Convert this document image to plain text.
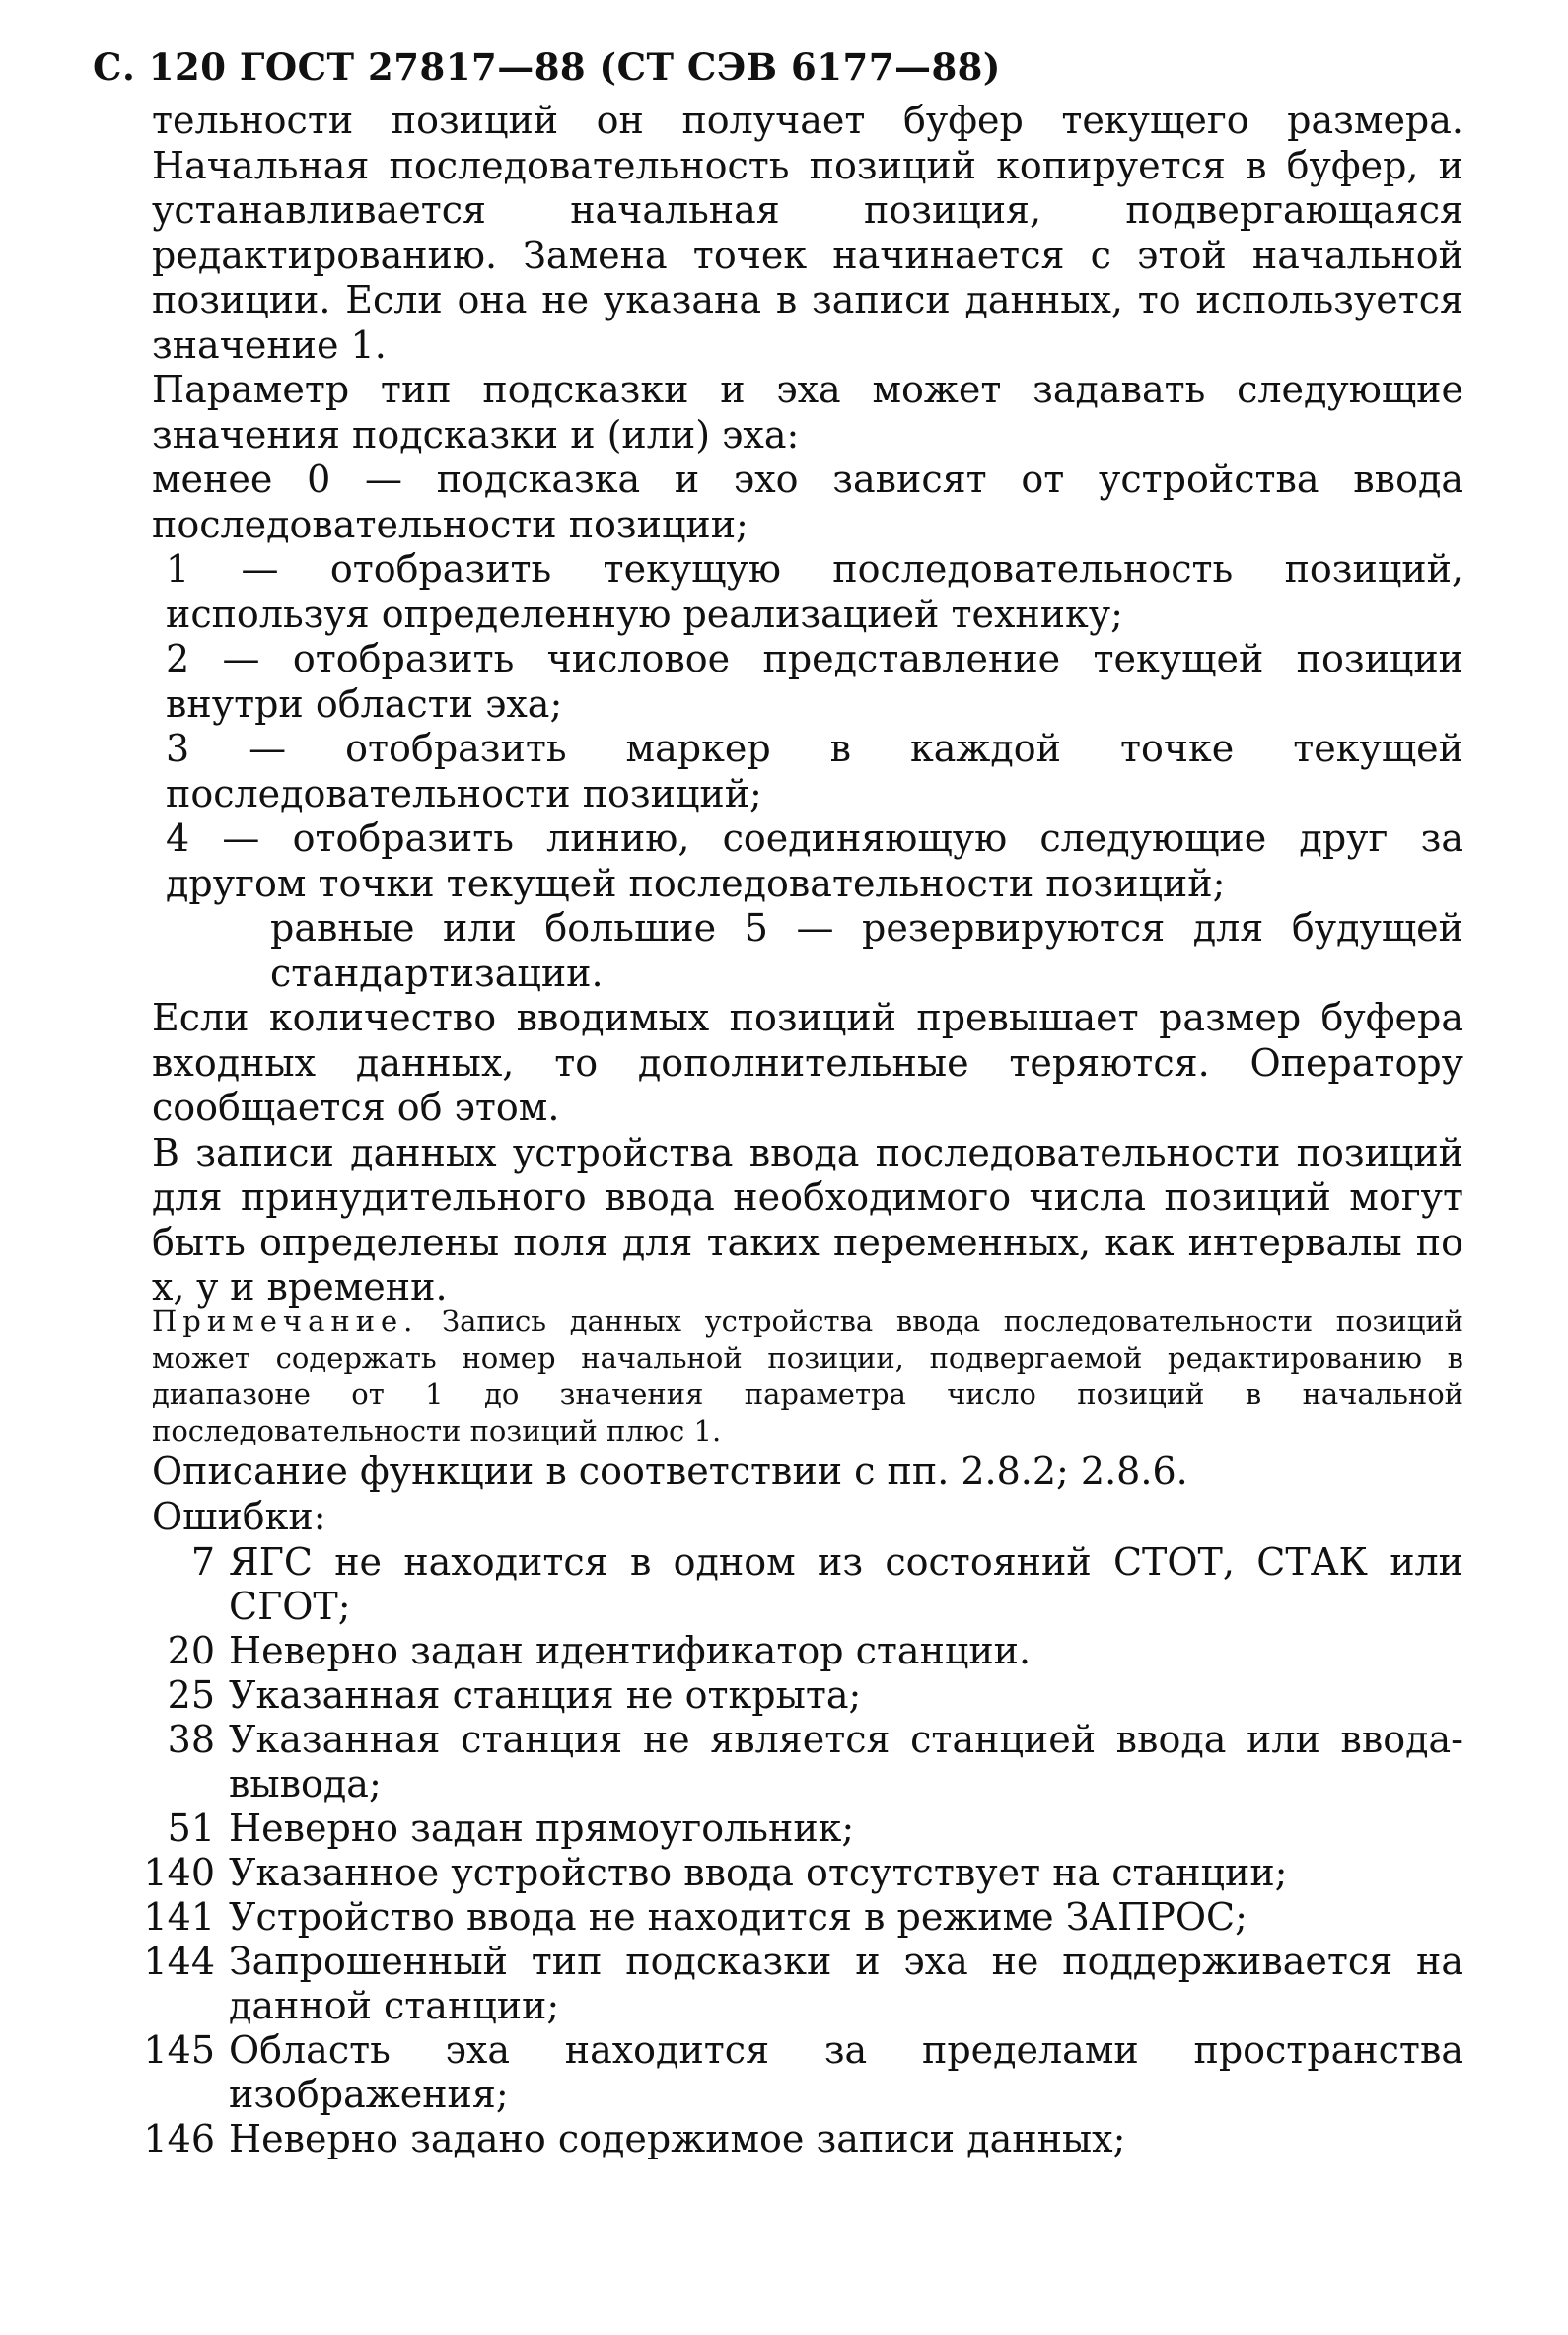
С. 120 ГОСТ 27817—88 (СТ СЭВ 6177—88)

тельности позиций он получает буфер текущего размера. Начальная последовательность позиций копируется в буфер, и устанавливается начальная позиция, подвергающаяся редактированию. Замена точек начинается с этой начальной позиции. Если она не указана в записи данных, то используется значение 1.

Параметр тип подсказки и эха может задавать следующие значения подсказки и (или) эха:

менее 0 — подсказка и эхо зависят от устройства ввода последовательности позиции;

1 — отобразить текущую последовательность позиций, используя определенную реализацией технику;

2 — отобразить числовое представление текущей позиции внутри области эха;

3 — отобразить маркер в каждой точке текущей последовательности позиций;

4 — отобразить линию, соединяющую следующие друг за другом точки текущей последовательности позиций;

равные или большие 5 — резервируются для будущей стандартизации.

Если количество вводимых позиций превышает размер буфера входных данных, то дополнительные теряются. Оператору сообщается об этом.

В записи данных устройства ввода последовательности позиций для принудительного ввода необходимого числа позиций могут быть определены поля для таких переменных, как интервалы по x, y и времени.

Примечание. Запись данных устройства ввода последовательности позиций может содержать номер начальной позиции, подвергаемой редактированию в диапазоне от 1 до значения параметра число позиций в начальной последовательности позиций плюс 1.

Описание функции в соответствии с пп. 2.8.2; 2.8.6.

Ошибки:

7 ЯГС не находится в одном из состояний СТОТ, СТАК или СГОТ;
20 Неверно задан идентификатор станции.
25 Указанная станция не открыта;
38 Указанная станция не является станцией ввода или ввода-вывода;
51 Неверно задан прямоугольник;
140 Указанное устройство ввода отсутствует на станции;
141 Устройство ввода не находится в режиме ЗАПРОС;
144 Запрошенный тип подсказки и эха не поддерживается на данной станции;
145 Область эха находится за пределами пространства изображения;
146 Неверно задано содержимое записи данных;
